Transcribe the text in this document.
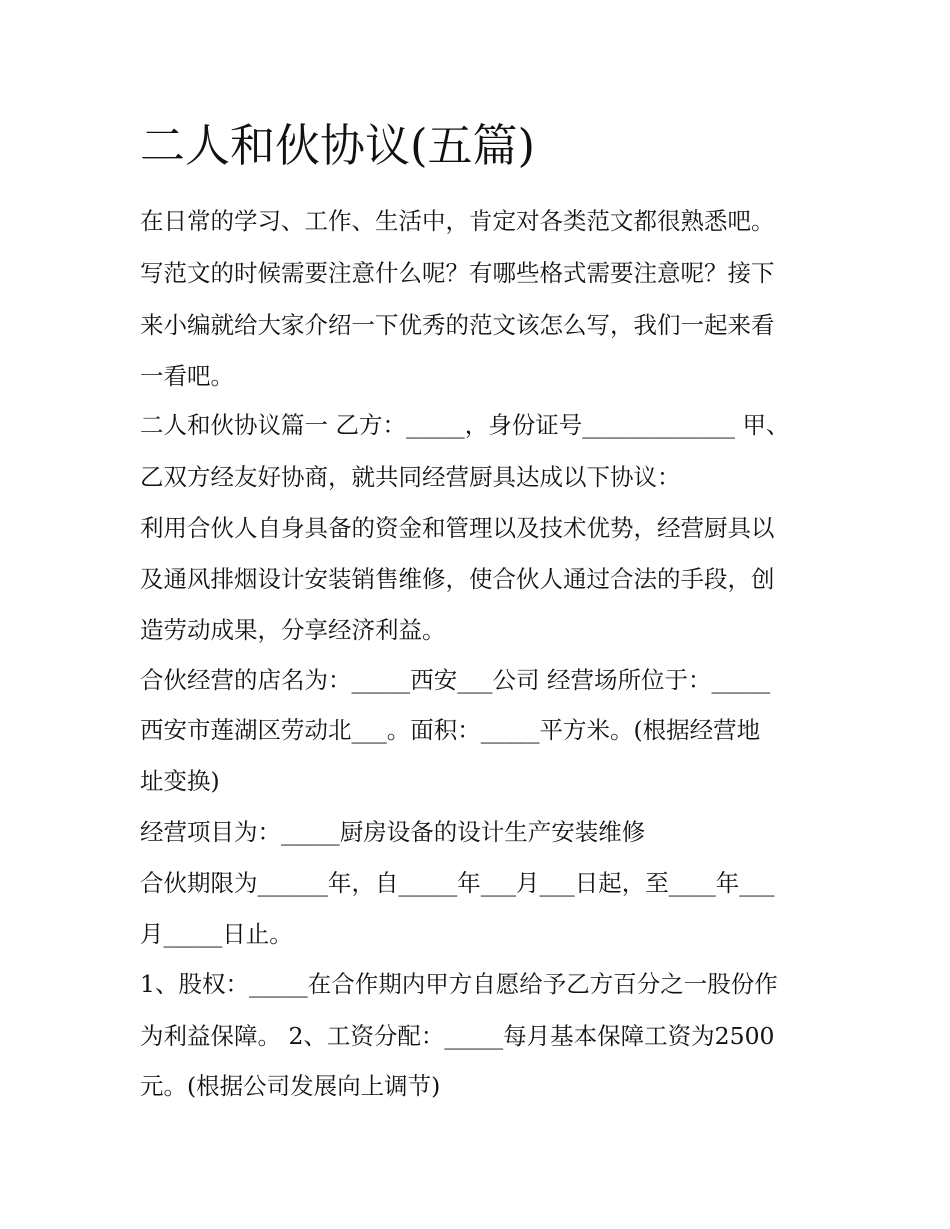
二人和伙协议(五篇)
在日常的学习、工作、生活中，肯定对各类范文都很熟悉吧。
写范文的时候需要注意什么呢？有哪些格式需要注意呢？接下
来小编就给大家介绍一下优秀的范文该怎么写，我们一起来看
一看吧。
二人和伙协议篇一 乙方：_____，身份证号_____________ 甲、
乙双方经友好协商，就共同经营厨具达成以下协议：
利用合伙人自身具备的资金和管理以及技术优势，经营厨具以
及通风排烟设计安装销售维修，使合伙人通过合法的手段，创
造劳动成果，分享经济利益。
合伙经营的店名为：_____西安___公司 经营场所位于：_____
西安市莲湖区劳动北___。面积：_____平方米。(根据经营地
址变换)
经营项目为：_____厨房设备的设计生产安装维修
合伙期限为______年，自_____年___月___日起，至____年___
月_____日止。
1、股权：_____在合作期内甲方自愿给予乙方百分之一股份作
为利益保障。 2、工资分配：_____每月基本保障工资为2500
元。(根据公司发展向上调节)
